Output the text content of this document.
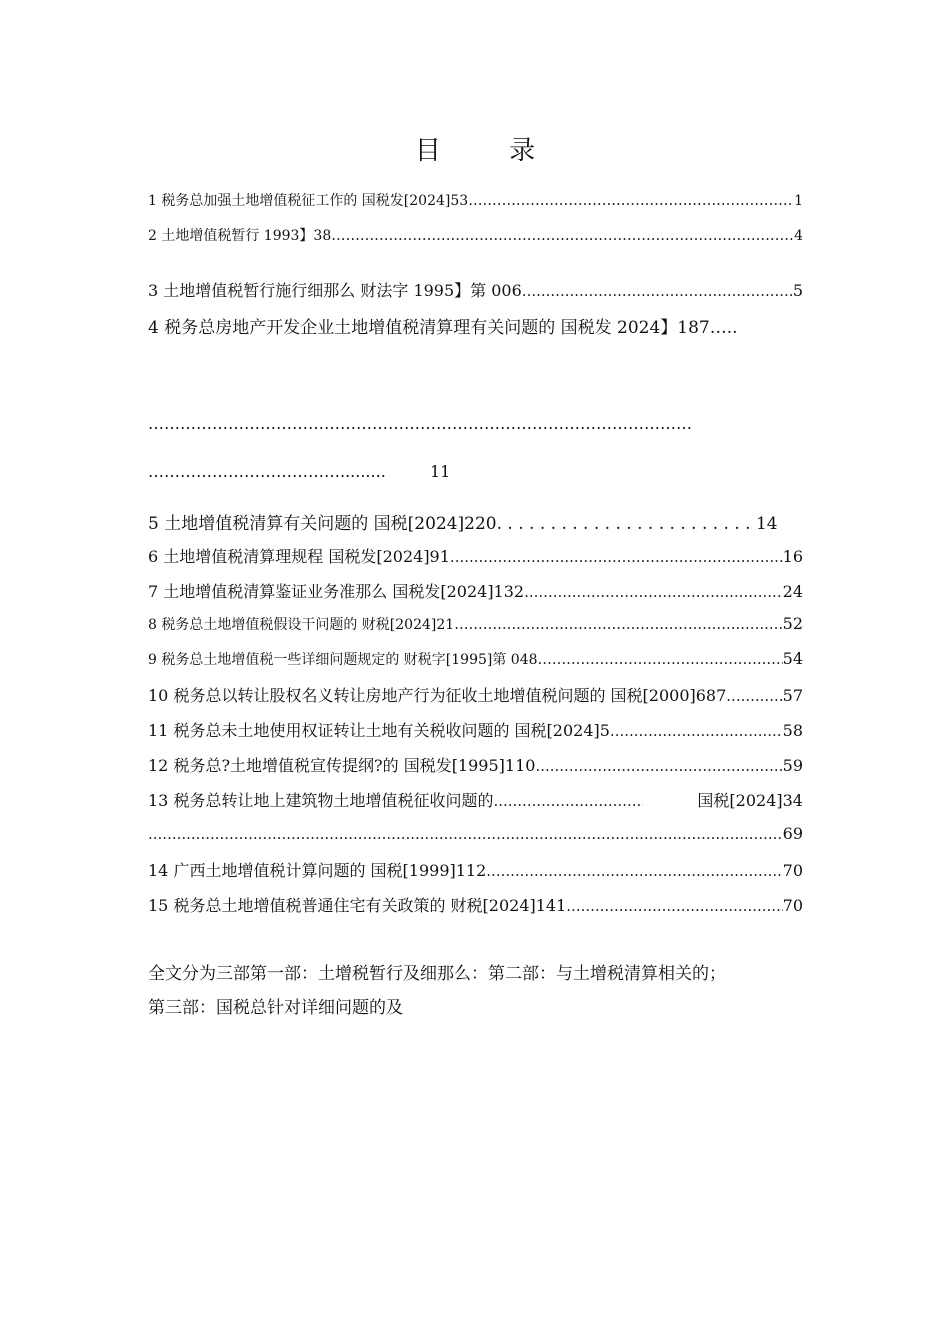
目 录
1 税务总加强土地增值税征工作的 国税发[2024]53 .....	1
2 土地增值税暂行 1993】38 .....	4
3 土地增值税暂行施行细那么 财法字 1995】第 006 .....	5
4 税务总房地产开发企业土地增值税清算理有关问题的 国税发 2024】187…..
…………………………………………………………………………………………
……………………………….........	11
5 土地增值税清算有关问题的 国税[2024]220. . . . . . . . . . . . . . . . . . . . . . . . 14
6 土地增值税清算理规程 国税发[2024]91 .....	16
7 土地增值税清算鉴证业务准那么 国税发[2024]132 .....	24
8 税务总土地增值税假设干问题的 财税[2024]21 .....	52
9 税务总土地增值税一些详细问题规定的 财税字[1995]第 048 .....	54
10 税务总以转让股权名义转让房地产行为征收土地增值税问题的 国税[2000]687 .....	57
11 税务总未土地使用权证转让土地有关税收问题的 国税[2024]5 .....	58
12 税务总?土地增值税宣传提纲?的 国税发[1995]110 .....	59
13 税务总转让地上建筑物土地增值税征收问题的 .....	国税[2024]34
.....
69
14 广西土地增值税计算问题的 国税[1999]112 .....	70
15 税务总土地增值税普通住宅有关政策的 财税[2024]141 .....	70
全文分为三部第一部：土增税暂行及细那么：第二部：与土增税清算相关的；
第三部：国税总针对详细问题的及
